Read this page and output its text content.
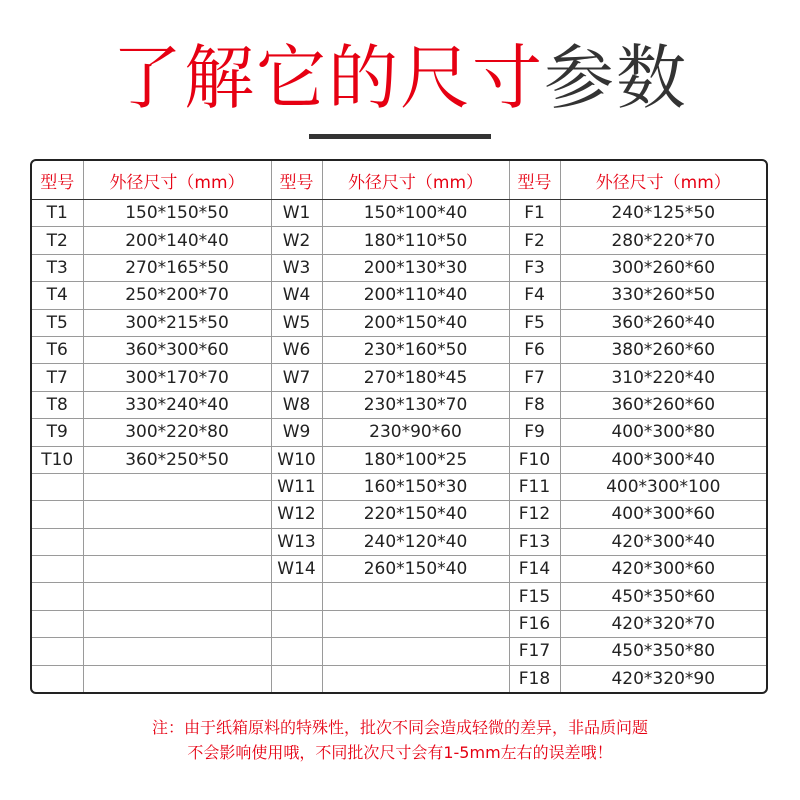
了解它的尺寸参数
型号	外径尺寸（mm）	型号	外径尺寸（mm）	型号	外径尺寸（mm）
T1	150*150*50	W1	150*100*40	F1	240*125*50
T2	200*140*40	W2	180*110*50	F2	280*220*70
T3	270*165*50	W3	200*130*30	F3	300*260*60
T4	250*200*70	W4	200*110*40	F4	330*260*50
T5	300*215*50	W5	200*150*40	F5	360*260*40
T6	360*300*60	W6	230*160*50	F6	380*260*60
T7	300*170*70	W7	270*180*45	F7	310*220*40
T8	330*240*40	W8	230*130*70	F8	360*260*60
T9	300*220*80	W9	230*90*60	F9	400*300*80
T10	360*250*50	W10	180*100*25	F10	400*300*40
		W11	160*150*30	F11	400*300*100
		W12	220*150*40	F12	400*300*60
		W13	240*120*40	F13	420*300*40
		W14	260*150*40	F14	420*300*60
				F15	450*350*60
				F16	420*320*70
				F17	450*350*80
				F18	420*320*90
注：由于纸箱原料的特殊性，批次不同会造成轻微的差异，非品质问题
不会影响使用哦，不同批次尺寸会有1-5mm左右的误差哦！
